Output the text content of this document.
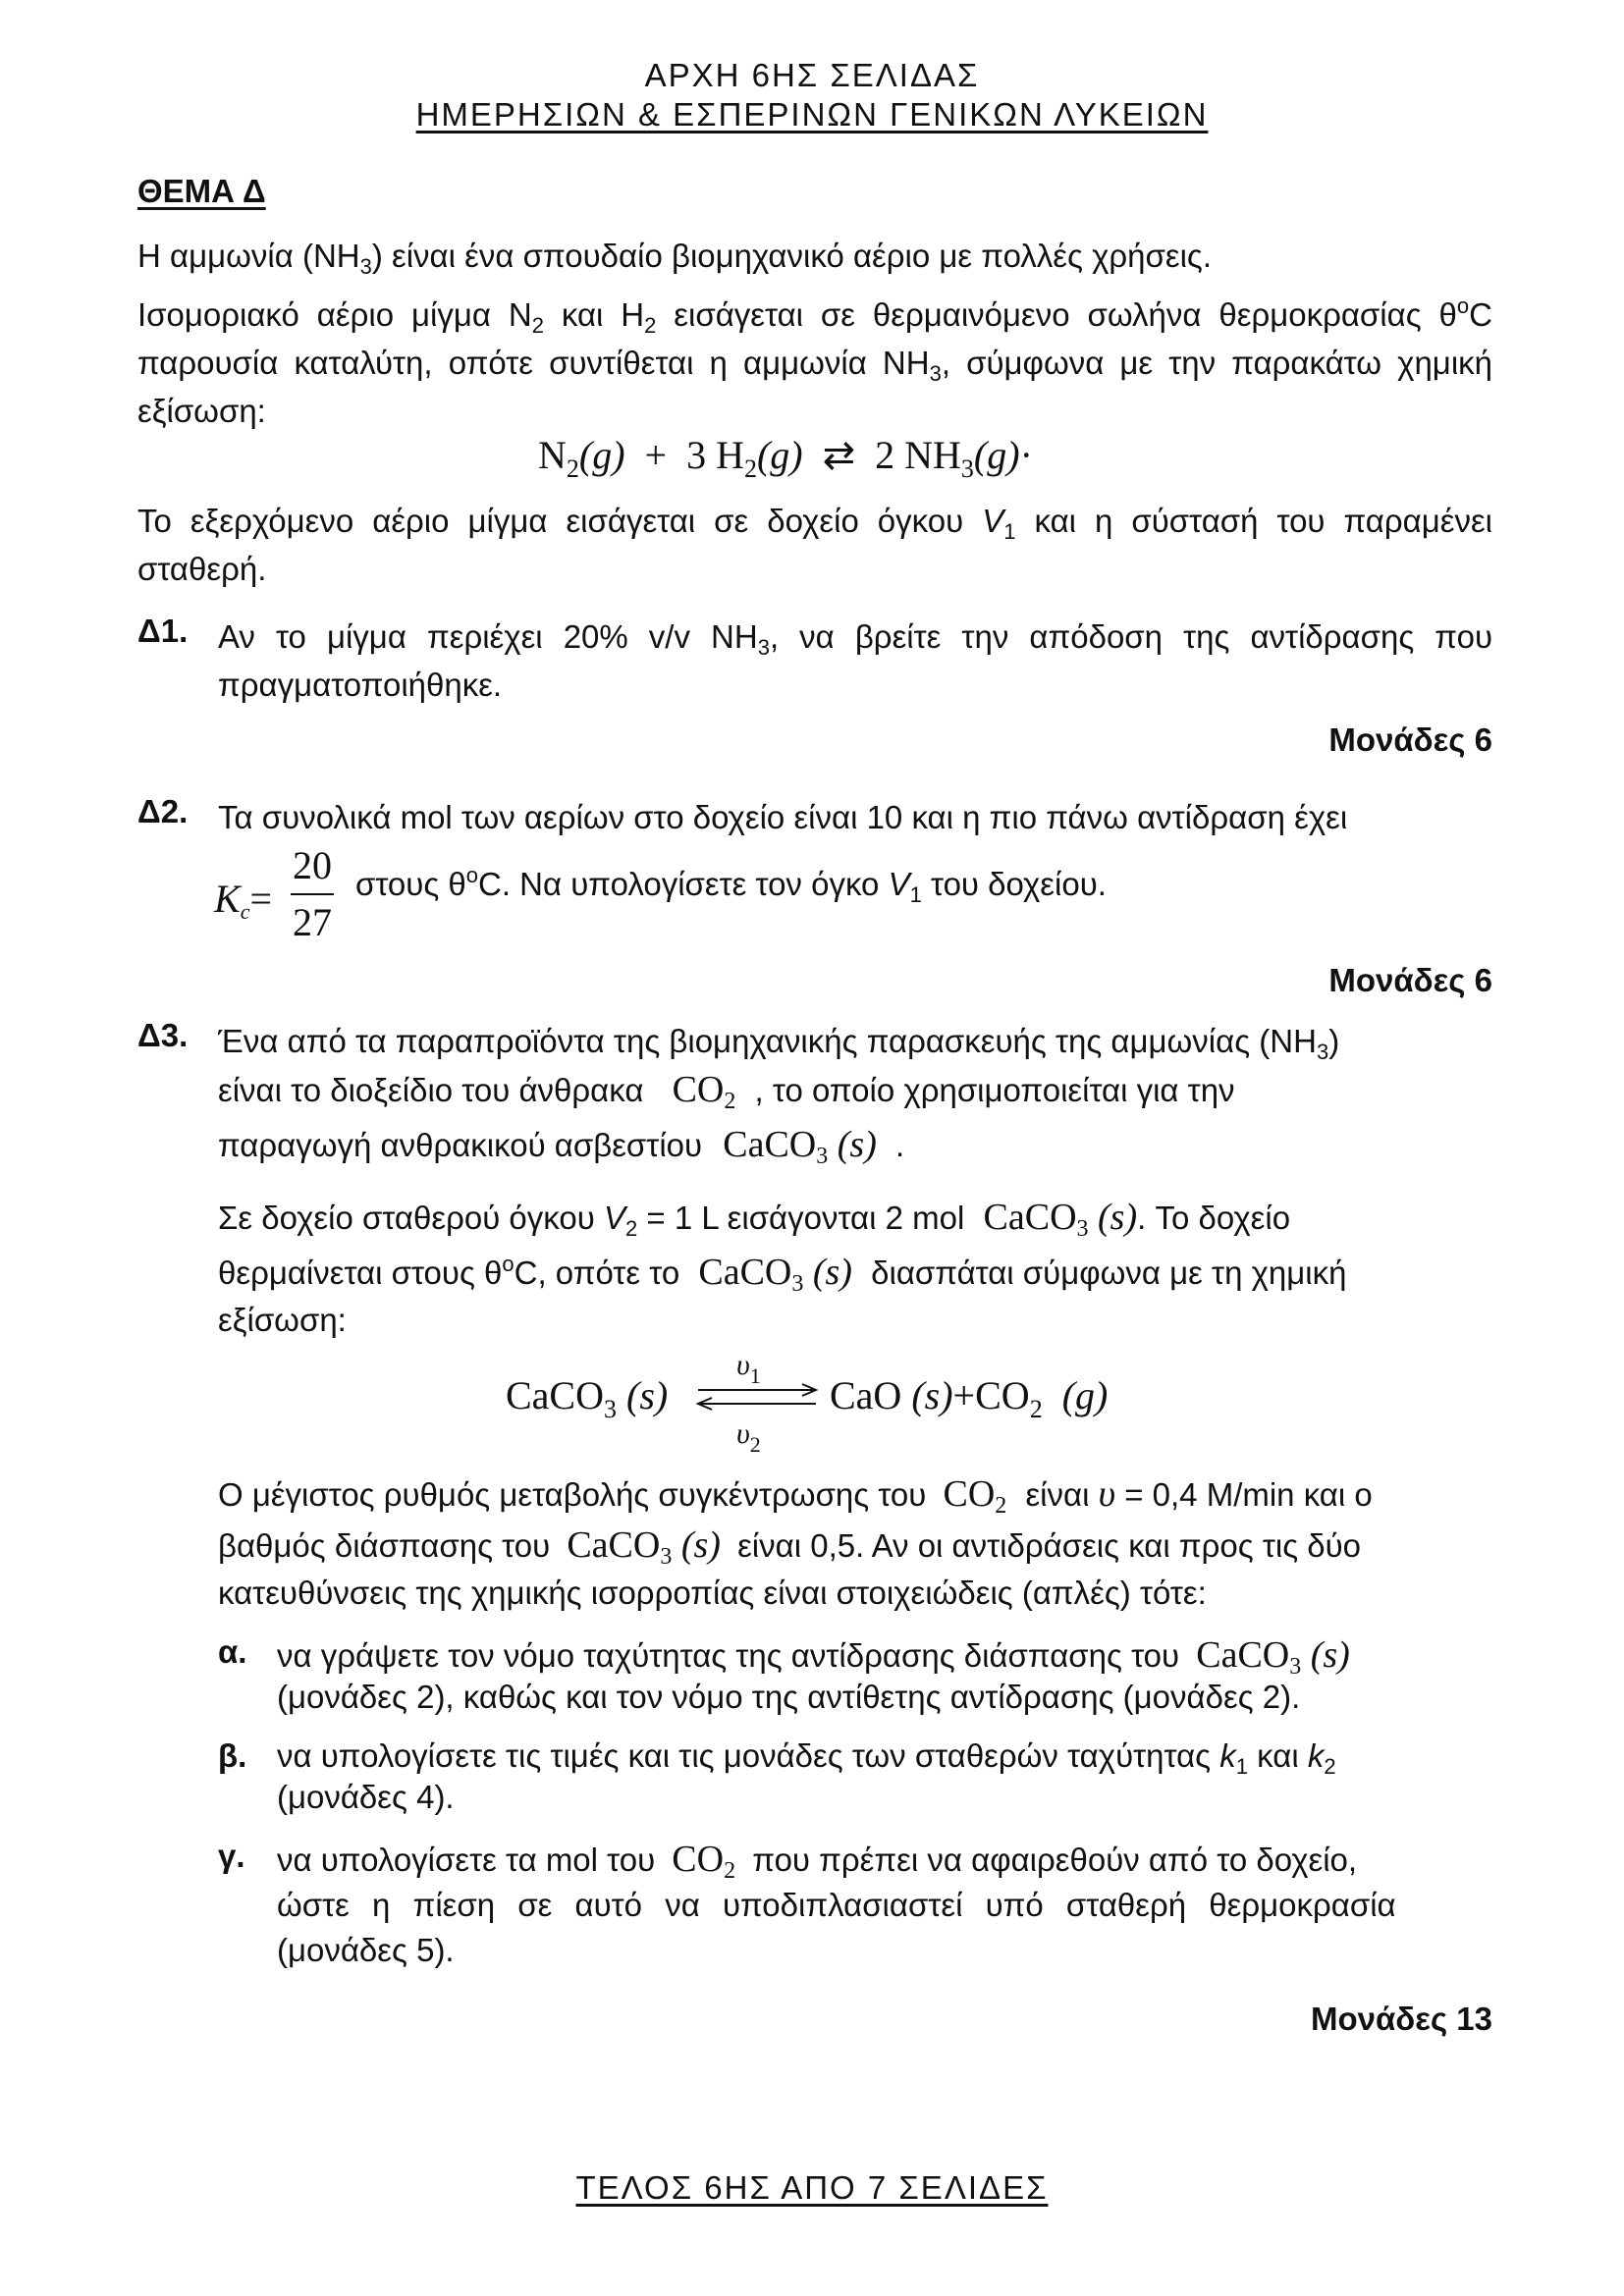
ΑΡΧΗ 6ΗΣ ΣΕΛΙΔΑΣ
ΗΜΕΡΗΣΙΩΝ & ΕΣΠΕΡΙΝΩΝ ΓΕΝΙΚΩΝ ΛΥΚΕΙΩΝ
ΘΕΜΑ Δ
Η αμμωνία $(NH_3)$ είναι ένα σπουδαίο βιομηχανικό αέριο με πολλές χρήσεις.
Ισομοριακό αέριο μίγμα $N_2$ και $H_2$ εισάγεται σε θερμαινόμενο σωλήνα θερμοκρασίας $\theta^oC$ παρουσία καταλύτη, οπότε συντίθεται η αμμωνία $NH_3$, σύμφωνα με την παρακάτω χημική εξίσωση:
$N_2(g) + 3$ $H_2(g)$ ⇄ 2 $NH_3(g)\cdot$
Το εξερχόμενο αέριο μίγμα εισάγεται σε δοχείο όγκου $V_1$ και η σύστασή του παραμένει σταθερή.
Δ1. Αν το μίγμα περιέχει 20% v/v $NH_3$, να βρείτε την απόδοση της αντίδρασης που πραγματοποιήθηκε.
Μονάδες 6
Δ2. Τα συνολικά mol των αερίων στο δοχείο είναι 10 και η πιο πάνω αντίδραση έχει
$K_c=$
20
27
στους $\theta^oC$. Να υπολογίσετε τον όγκο $V_1$ του δοχείου.
Μονάδες 6
Δ3. Ένα από τα παραπροϊόντα της βιομηχανικής παρασκευής της αμμωνίας $(NH_3)$
είναι το διοξείδιο του άνθρακα $CO_2$ , το οποίο χρησιμοποιείται για την
παραγωγή ανθρακικού ασβεστίου CaCO$_3$ (s) .
Σε δοχείο σταθερού όγκου $V_2 = 1$ L εισάγονται 2 mol CaCO$_3$ (s). Το δοχείο
θερμαίνεται στους $\theta^oC$, οπότε το CaCO$_3$ (s) διασπάται σύμφωνα με τη χημική
εξίσωση:
CaCO$_3$ (s)
$\upsilon_1$
$\upsilon_2$
CaO $(s)+CO_2$ (g)
Ο μέγιστος ρυθμός μεταβολής συγκέντρωσης του $CO_2$ είναι υ = 0,4 M/min και ο
βαθμός διάσπασης του CaCO$_3$ (s) είναι 0,5. Αν οι αντιδράσεις και προς τις δύο
κατευθύνσεις της χημικής ισορροπίας είναι στοιχειώδεις (απλές) τότε:
α. να γράψετε τον νόμο ταχύτητας της αντίδρασης διάσπασης του CaCO$_3$ (s)
(μονάδες 2), καθώς και τον νόμο της αντίθετης αντίδρασης (μονάδες 2).
β. να υπολογίσετε τις τιμές και τις μονάδες των σταθερών ταχύτητας $k_1$ και $k_2$
(μονάδες 4).
γ. να υπολογίσετε τα mol του $CO_2$ που πρέπει να αφαιρεθούν από το δοχείο,
ώστε η πίεση σε αυτό να υποδιπλασιαστεί υπό σταθερή θερμοκρασία
(μονάδες 5).
Μονάδες 13
ΤΕΛΟΣ 6ΗΣ ΑΠΟ 7 ΣΕΛΙΔΕΣ
